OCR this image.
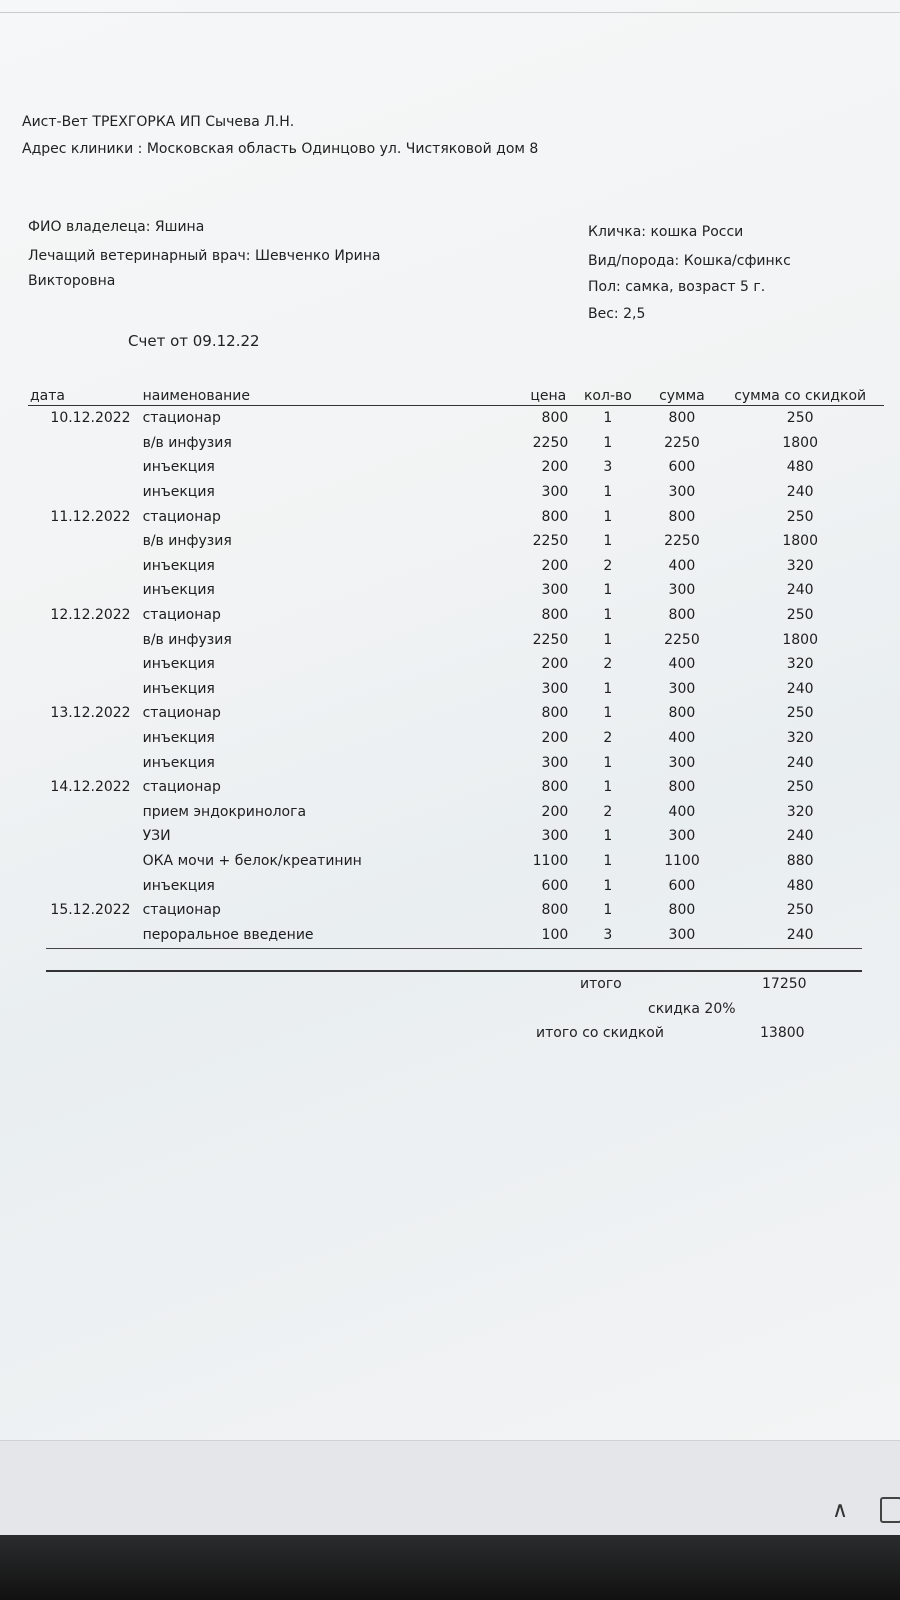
Аист-Вет ТРЕХГОРКА ИП Сычева Л.Н.
Адрес клиники : Московская область Одинцово ул. Чистяковой дом 8
ФИО владелеца: Яшина
Лечащий ветеринарный врач: Шевченко Ирина
Викторовна
Кличка: кошка Росси
Вид/порода: Кошка/сфинкс
Пол: самка, возраст 5 г.
Вес: 2,5
Счет от 09.12.22
дата	наименование	цена	кол-во	сумма	сумма со скидкой
10.12.2022	стационар	800	1	800	250
	в/в инфузия	2250	1	2250	1800
	инъекция	200	3	600	480
	инъекция	300	1	300	240
11.12.2022	стационар	800	1	800	250
	в/в инфузия	2250	1	2250	1800
	инъекция	200	2	400	320
	инъекция	300	1	300	240
12.12.2022	стационар	800	1	800	250
	в/в инфузия	2250	1	2250	1800
	инъекция	200	2	400	320
	инъекция	300	1	300	240
13.12.2022	стационар	800	1	800	250
	инъекция	200	2	400	320
	инъекция	300	1	300	240
14.12.2022	стационар	800	1	800	250
	прием эндокринолога	200	2	400	320
	УЗИ	300	1	300	240
	ОКА мочи + белок/креатинин	1100	1	1100	880
	инъекция	600	1	600	480
15.12.2022	стационар	800	1	800	250
	пероральное введение	100	3	300	240
итого	17250
скидка 20%
итого со скидкой	13800
∧
